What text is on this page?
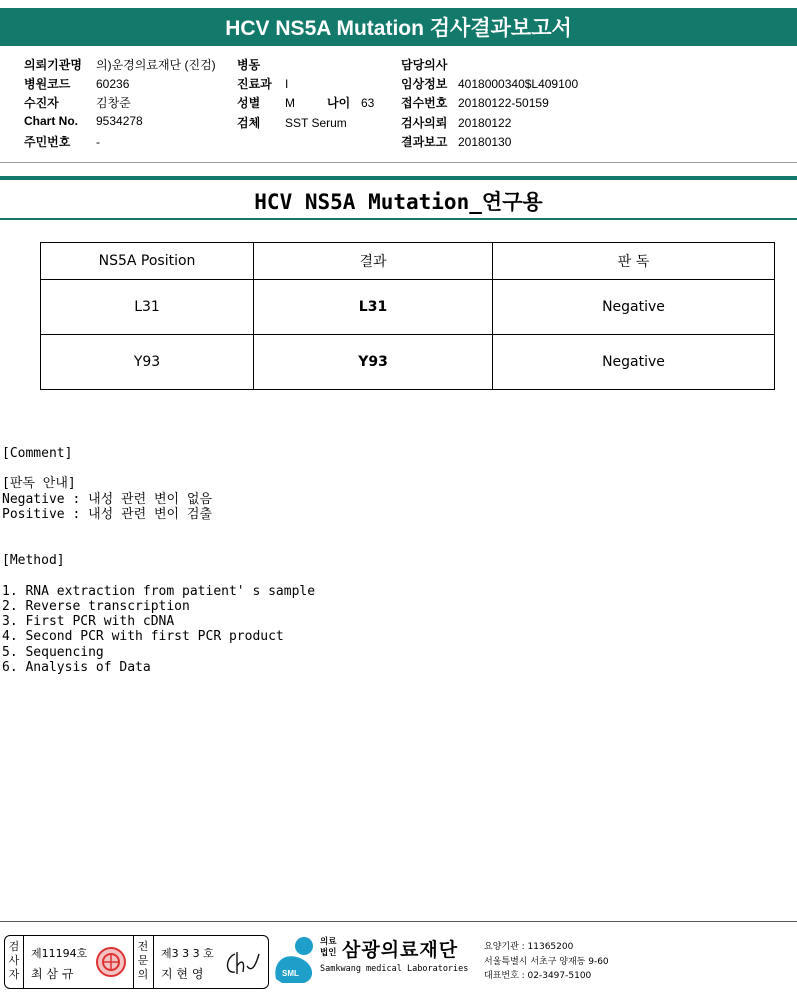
HCV NS5A Mutation 검사결과보고서
의뢰기관명 의)운경의료재단 (진검)
병원코드 60236
수진자	김창준
Chart No. 9534278
주민번호 -
병동
진료과 I
성별 M	나이 63
검체 SST Serum
담당의사
임상정보 4018000340$L409100
접수번호 20180122-50159
검사의뢰 20180122
결과보고 20180130
HCV NS5A Mutation_연구용
NS5A Position	결과	판 독
L31	L31	Negative
Y93	Y93	Negative
[Comment]
[판독 안내]
Negative : 내성 관련 변이 없음
Positive : 내성 관련 변이 검출
[Method]
1. RNA extraction from patient' s sample
2. Reverse transcription
3. First PCR with cDNA
4. Second PCR with first PCR product
5. Sequencing
6. Analysis of Data
검
사
자
제11194호
최 삼 규
전
문
의
제3 3 3 호
지 현 영	SML
의료
법인 삼광의료재단
Samkwang medical Laboratories
요양기관 : 11365200
서울특별시 서초구 양재동 9-60
대표번호 : 02-3497-5100
